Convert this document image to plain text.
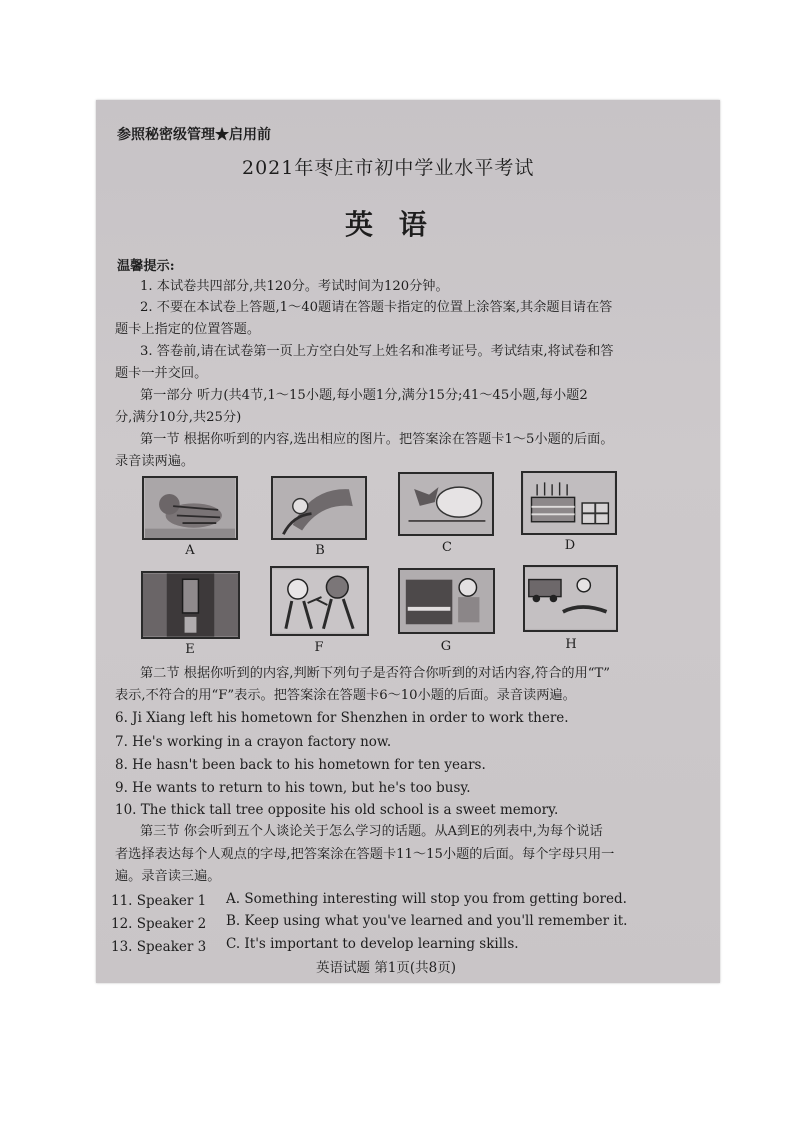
参照秘密级管理★启用前
2021年枣庄市初中学业水平考试
英 语
温馨提示:
1. 本试卷共四部分,共120分。考试时间为120分钟。
2. 不要在本试卷上答题,1～40题请在答题卡指定的位置上涂答案,其余题目请在答
题卡上指定的位置答题。
3. 答卷前,请在试卷第一页上方空白处写上姓名和准考证号。考试结束,将试卷和答
题卡一并交回。
第一部分 听力(共4节,1～15小题,每小题1分,满分15分;41～45小题,每小题2
分,满分10分,共25分)
第一节 根据你听到的内容,选出相应的图片。把答案涂在答题卡1～5小题的后面。
录音读两遍。
A	B	C	D
E	F	G	H
第二节 根据你听到的内容,判断下列句子是否符合你听到的对话内容,符合的用“T”
表示,不符合的用“F”表示。把答案涂在答题卡6～10小题的后面。录音读两遍。
6. Ji Xiang left his hometown for Shenzhen in order to work there.
7. He's working in a crayon factory now.
8. He hasn't been back to his hometown for ten years.
9. He wants to return to his town, but he's too busy.
10. The thick tall tree opposite his old school is a sweet memory.
第三节 你会听到五个人谈论关于怎么学习的话题。从A到E的列表中,为每个说话
者选择表达每个人观点的字母,把答案涂在答题卡11～15小题的后面。每个字母只用一
遍。录音读三遍。
11. Speaker 1 A. Something interesting will stop you from getting bored.
12. Speaker 2 B. Keep using what you've learned and you'll remember it.
13. Speaker 3 C. It's important to develop learning skills.
英语试题 第1页(共8页)
